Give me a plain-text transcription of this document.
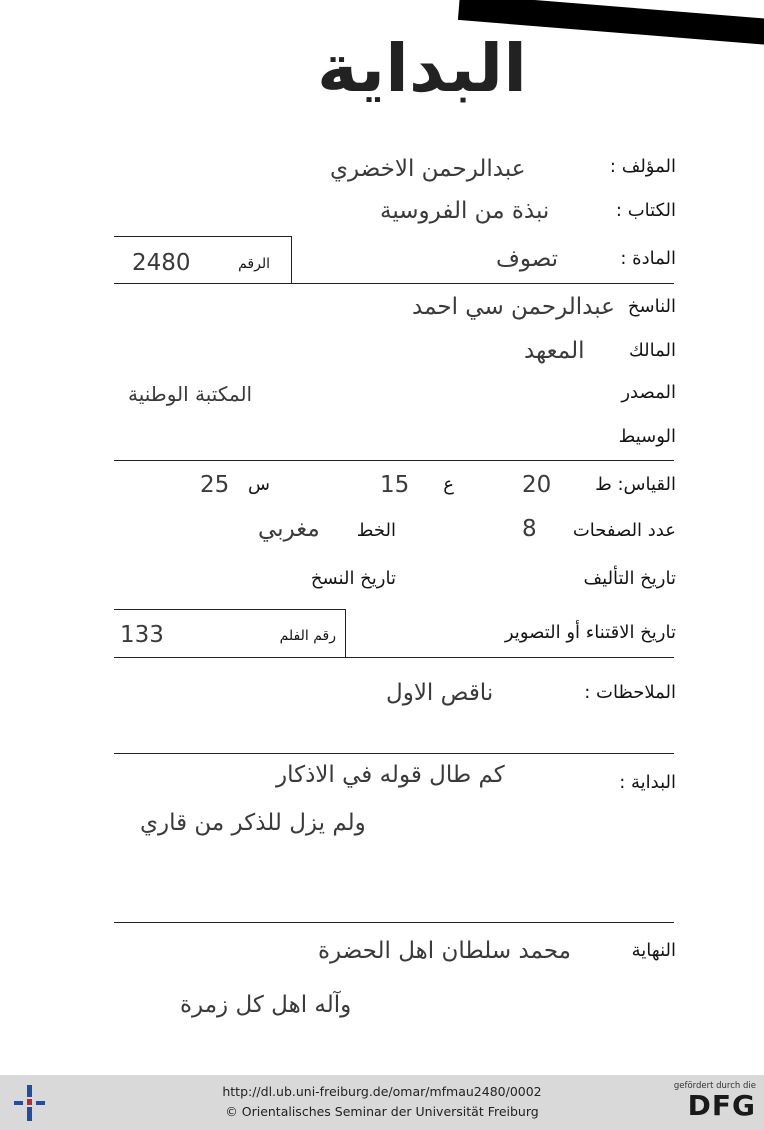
البداية
المؤلف :
عبدالرحمن الاخضري
الكتاب :
نبذة من الفروسية
الرقم
2480	المادة :
تصوف
الناسخ
عبدالرحمن سي احمد
المالك
المعهد
المصدر
المكتبة الوطنية
الوسيط
القياس: ط
20
ع
15
س
25
عدد الصفحات
8
الخط
مغربي
تاريخ التأليف
تاريخ النسخ
رقم الفلم
133	تاريخ الاقتناء أو التصوير
الملاحظات :
ناقص الاول
البداية :
كم طال قوله في الاذكار
ولم يزل للذكر من قاري
النهاية
محمد سلطان اهل الحضرة
وآله اهل كل زمرة
http://dl.ub.uni-freiburg.de/omar/mfmau2480/0002
© Orientalisches Seminar der Universität Freiburg
gefördert durch die
DFG
